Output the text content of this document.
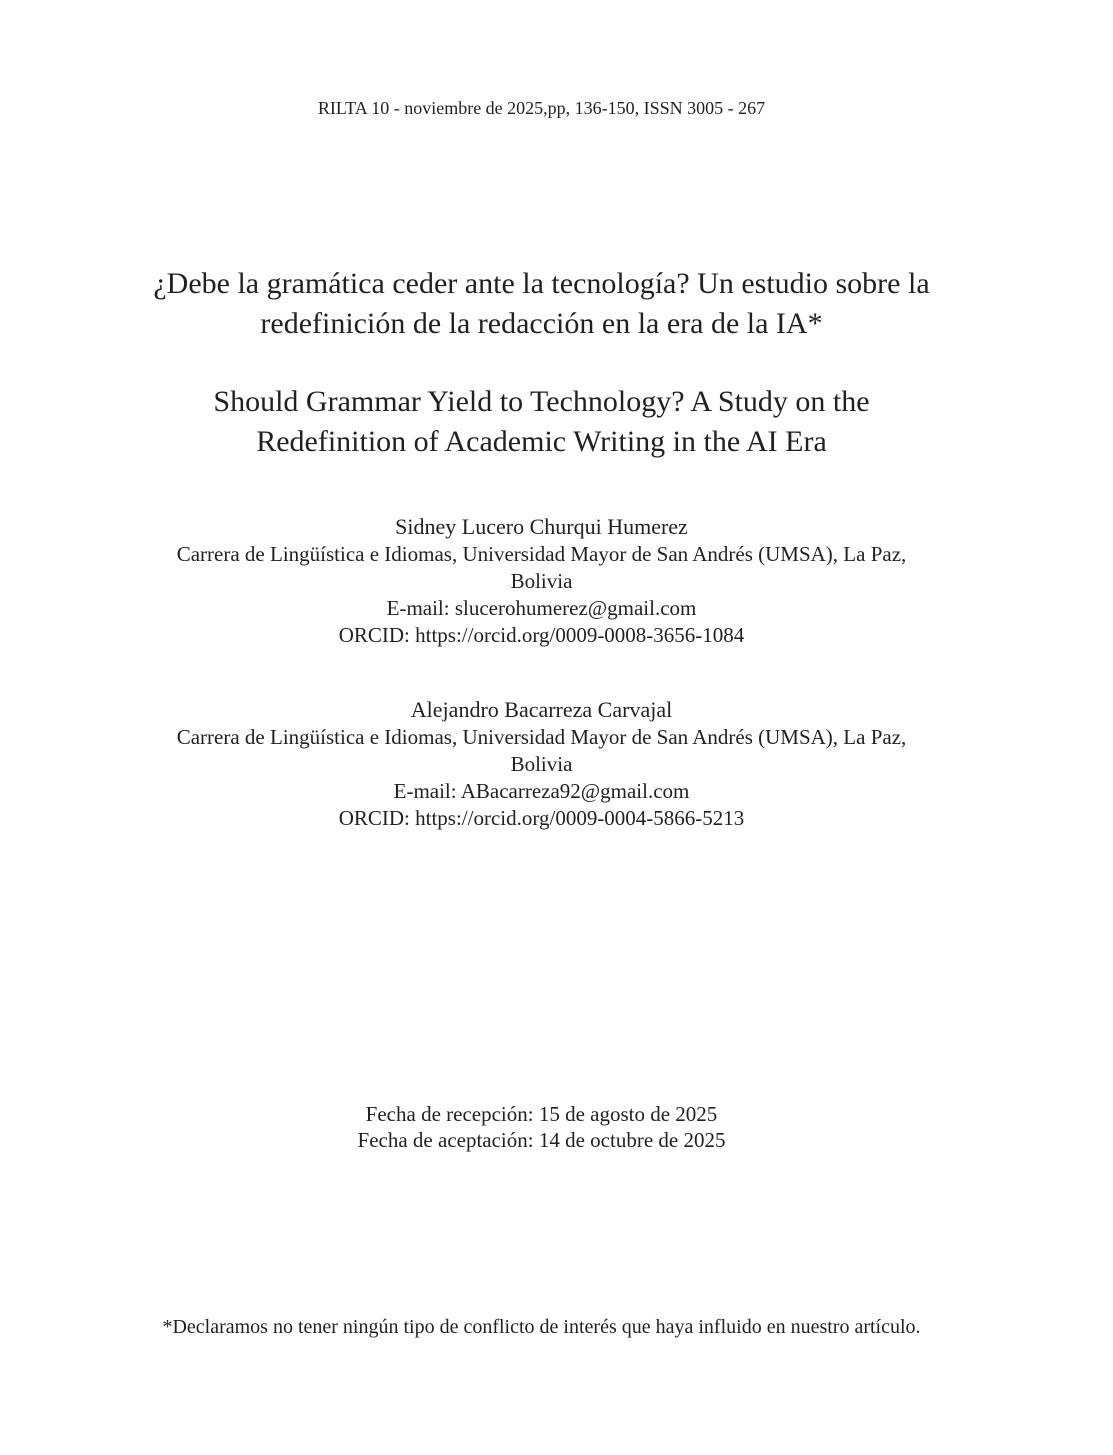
RILTA 10 - noviembre de 2025,pp, 136-150, ISSN 3005 - 267
¿Debe la gramática ceder ante la tecnología? Un estudio sobre la
redefinición de la redacción en la era de la IA*
Should Grammar Yield to Technology? A Study on the
Redefinition of Academic Writing in the AI Era
Sidney Lucero Churqui Humerez
Carrera de Lingüística e Idiomas, Universidad Mayor de San Andrés (UMSA), La Paz,
Bolivia
E-mail: slucerohumerez@gmail.com
ORCID: https://orcid.org/0009-0008-3656-1084
Alejandro Bacarreza Carvajal
Carrera de Lingüística e Idiomas, Universidad Mayor de San Andrés (UMSA), La Paz,
Bolivia
E-mail: ABacarreza92@gmail.com
ORCID: https://orcid.org/0009-0004-5866-5213
Fecha de recepción: 15 de agosto de 2025
Fecha de aceptación: 14 de octubre de 2025
*Declaramos no tener ningún tipo de conflicto de interés que haya influido en nuestro artículo.
